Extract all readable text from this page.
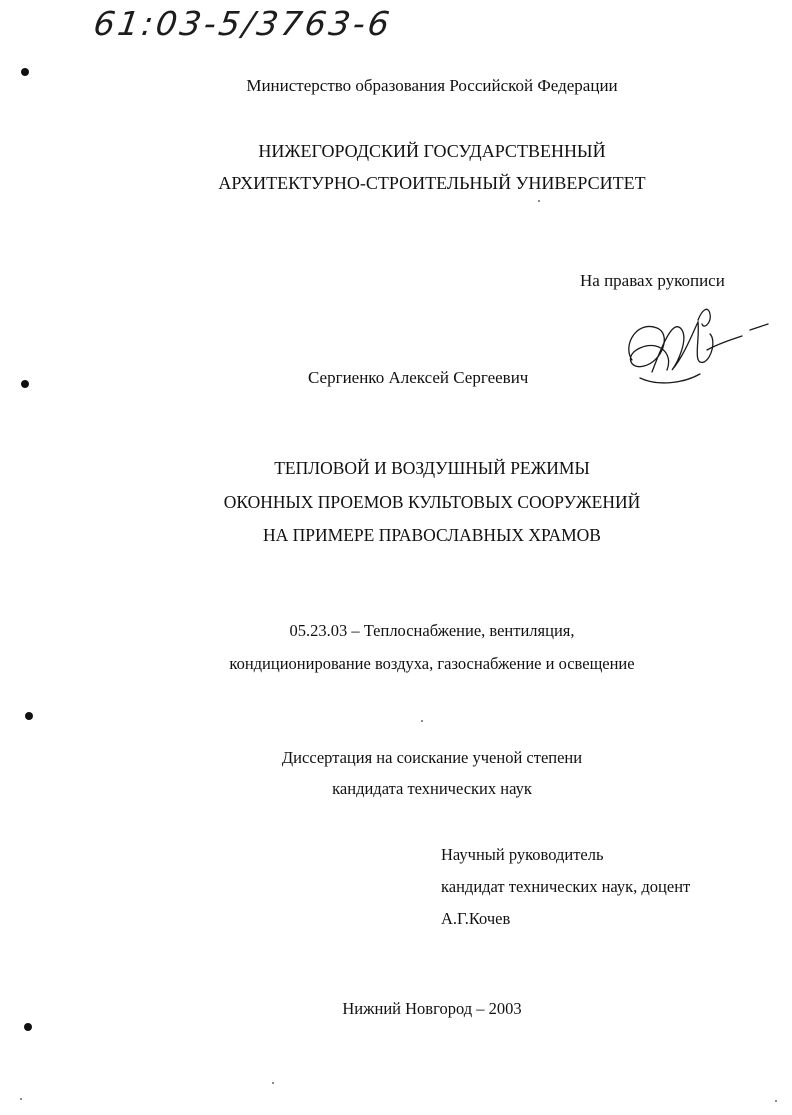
61:03-5/3763-6
Министерство образования Российской Федерации
НИЖЕГОРОДСКИЙ ГОСУДАРСТВЕННЫЙ
АРХИТЕКТУРНО-СТРОИТЕЛЬНЫЙ УНИВЕРСИТЕТ
На правах рукописи
Сергиенко Алексей Сергеевич
ТЕПЛОВОЙ И ВОЗДУШНЫЙ РЕЖИМЫ
ОКОННЫХ ПРОЕМОВ КУЛЬТОВЫХ СООРУЖЕНИЙ
НА ПРИМЕРЕ ПРАВОСЛАВНЫХ ХРАМОВ
05.23.03 – Теплоснабжение, вентиляция,
кондиционирование воздуха, газоснабжение и освещение
Диссертация на соискание ученой степени
кандидата технических наук
Научный руководитель
кандидат технических наук, доцент
А.Г.Кочев
Нижний Новгород – 2003
